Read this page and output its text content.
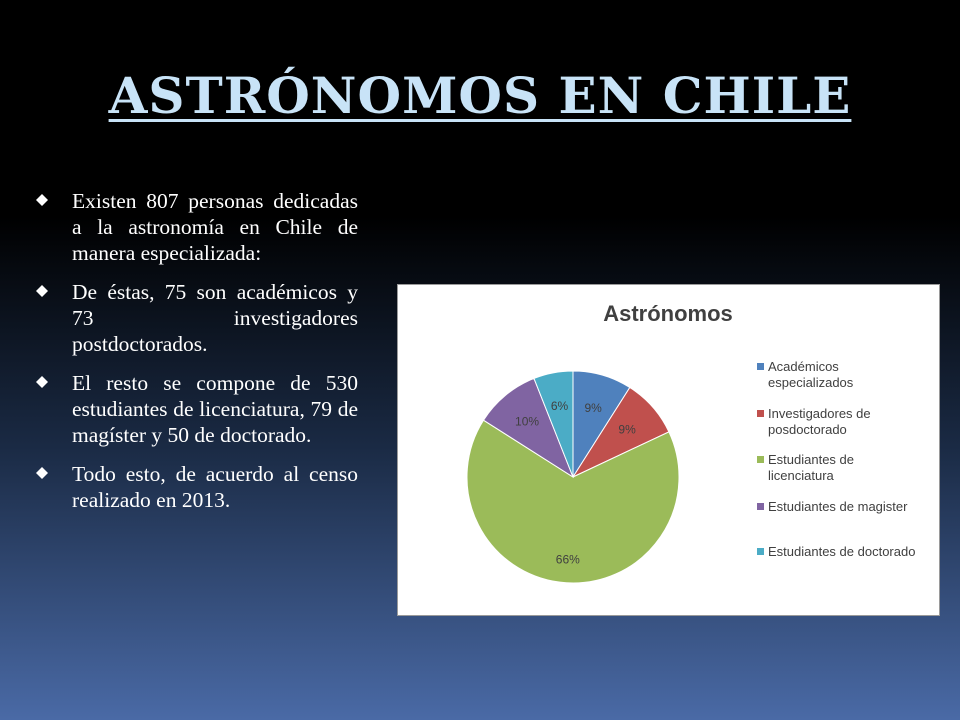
ASTRÓNOMOS EN CHILE
Existen 807 personas dedicadas a la astronomía en Chile de manera especializada:
De éstas, 75 son académicos y 73 investigadores postdoctorados.
El resto se compone de 530 estudiantes de licenciatura, 79 de magíster y 50 de doctorado.
Todo esto, de acuerdo al censo realizado en 2013.
Astrónomos
9%
9%
66%
10%
6%
Académicos especializados
Investigadores de posdoctorado
Estudiantes de licenciatura
Estudiantes de magister
Estudiantes de doctorado
